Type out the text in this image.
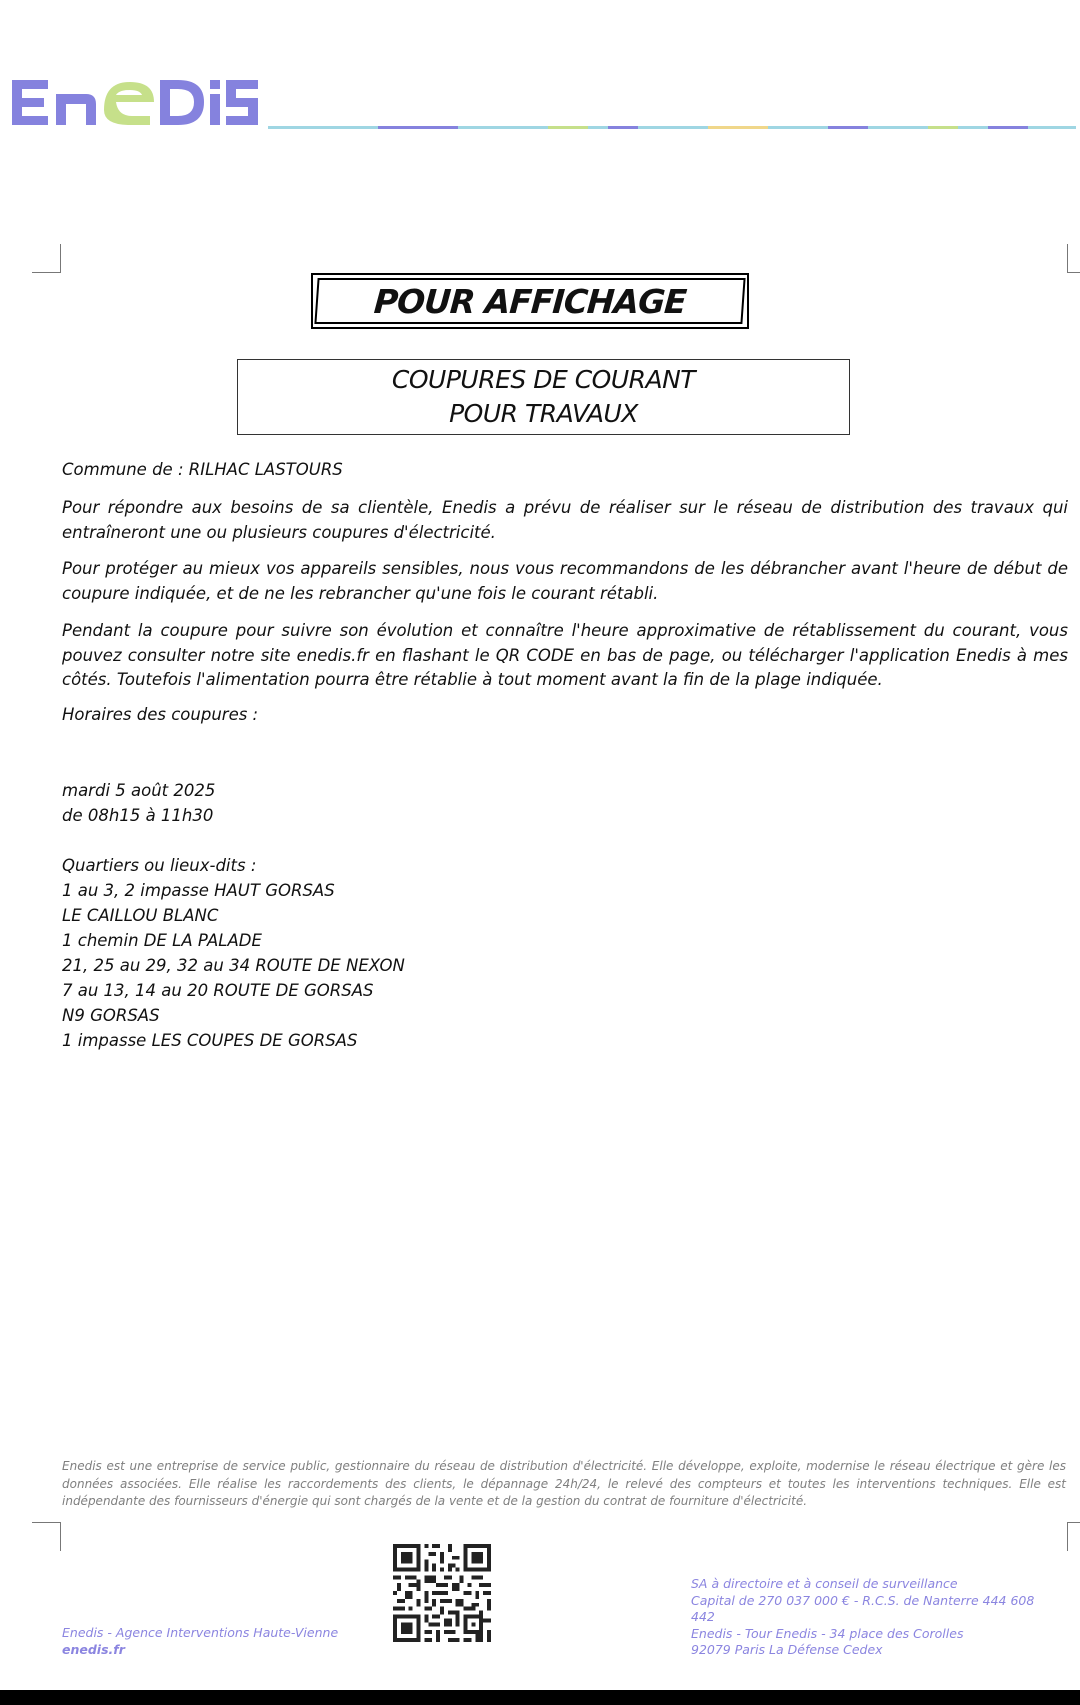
POUR AFFICHAGE
COUPURES DE COURANT
POUR TRAVAUX
Commune de : RILHAC LASTOURS

Pour répondre aux besoins de sa clientèle, Enedis a prévu de réaliser sur le réseau de distribution des travaux qui entraîneront une ou plusieurs coupures d'électricité.

Pour protéger au mieux vos appareils sensibles, nous vous recommandons de les débrancher avant l'heure de début de coupure indiquée, et de ne les rebrancher qu'une fois le courant rétabli.

Pendant la coupure pour suivre son évolution et connaître l'heure approximative de rétablissement du courant, vous pouvez consulter notre site enedis.fr en flashant le QR CODE en bas de page, ou télécharger l'application Enedis à mes côtés. Toutefois l'alimentation pourra être rétablie à tout moment avant la fin de la plage indiquée.

Horaires des coupures :
mardi 5 août 2025
de 08h15 à 11h30
Quartiers ou lieux-dits :
1 au 3, 2 impasse HAUT GORSAS
LE CAILLOU BLANC
1 chemin DE LA PALADE
21, 25 au 29, 32 au 34 ROUTE DE NEXON
7 au 13, 14 au 20 ROUTE DE GORSAS
N9 GORSAS
1 impasse LES COUPES DE GORSAS
Enedis est une entreprise de service public, gestionnaire du réseau de distribution d'électricité. Elle développe, exploite, modernise le réseau électrique et gère les données associées. Elle réalise les raccordements des clients, le dépannage 24h/24, le relevé des compteurs et toutes les interventions techniques. Elle est indépendante des fournisseurs d'énergie qui sont chargés de la vente et de la gestion du contrat de fourniture d'électricité.
Enedis - Agence Interventions Haute-Vienne
enedis.fr
SA à directoire et à conseil de surveillance
Capital de 270 037 000 € - R.C.S. de Nanterre 444 608 442
Enedis - Tour Enedis - 34 place des Corolles
92079 Paris La Défense Cedex
